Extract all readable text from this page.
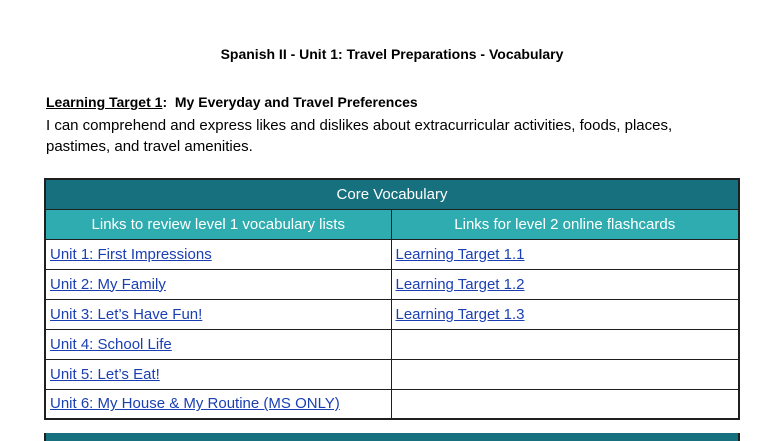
Spanish II - Unit 1: Travel Preparations - Vocabulary
Learning Target 1: My Everyday and Travel Preferences
I can comprehend and express likes and dislikes about extracurricular activities, foods, places, pastimes, and travel amenities.
Core Vocabulary	
Links to review level 1 vocabulary lists	Links for level 2 online flashcards
Unit 1: First Impressions	Learning Target 1.1
Unit 2: My Family	Learning Target 1.2
Unit 3: Let’s Have Fun!	Learning Target 1.3
Unit 4: School Life	
Unit 5: Let’s Eat!	
Unit 6: My House & My Routine (MS ONLY)	
